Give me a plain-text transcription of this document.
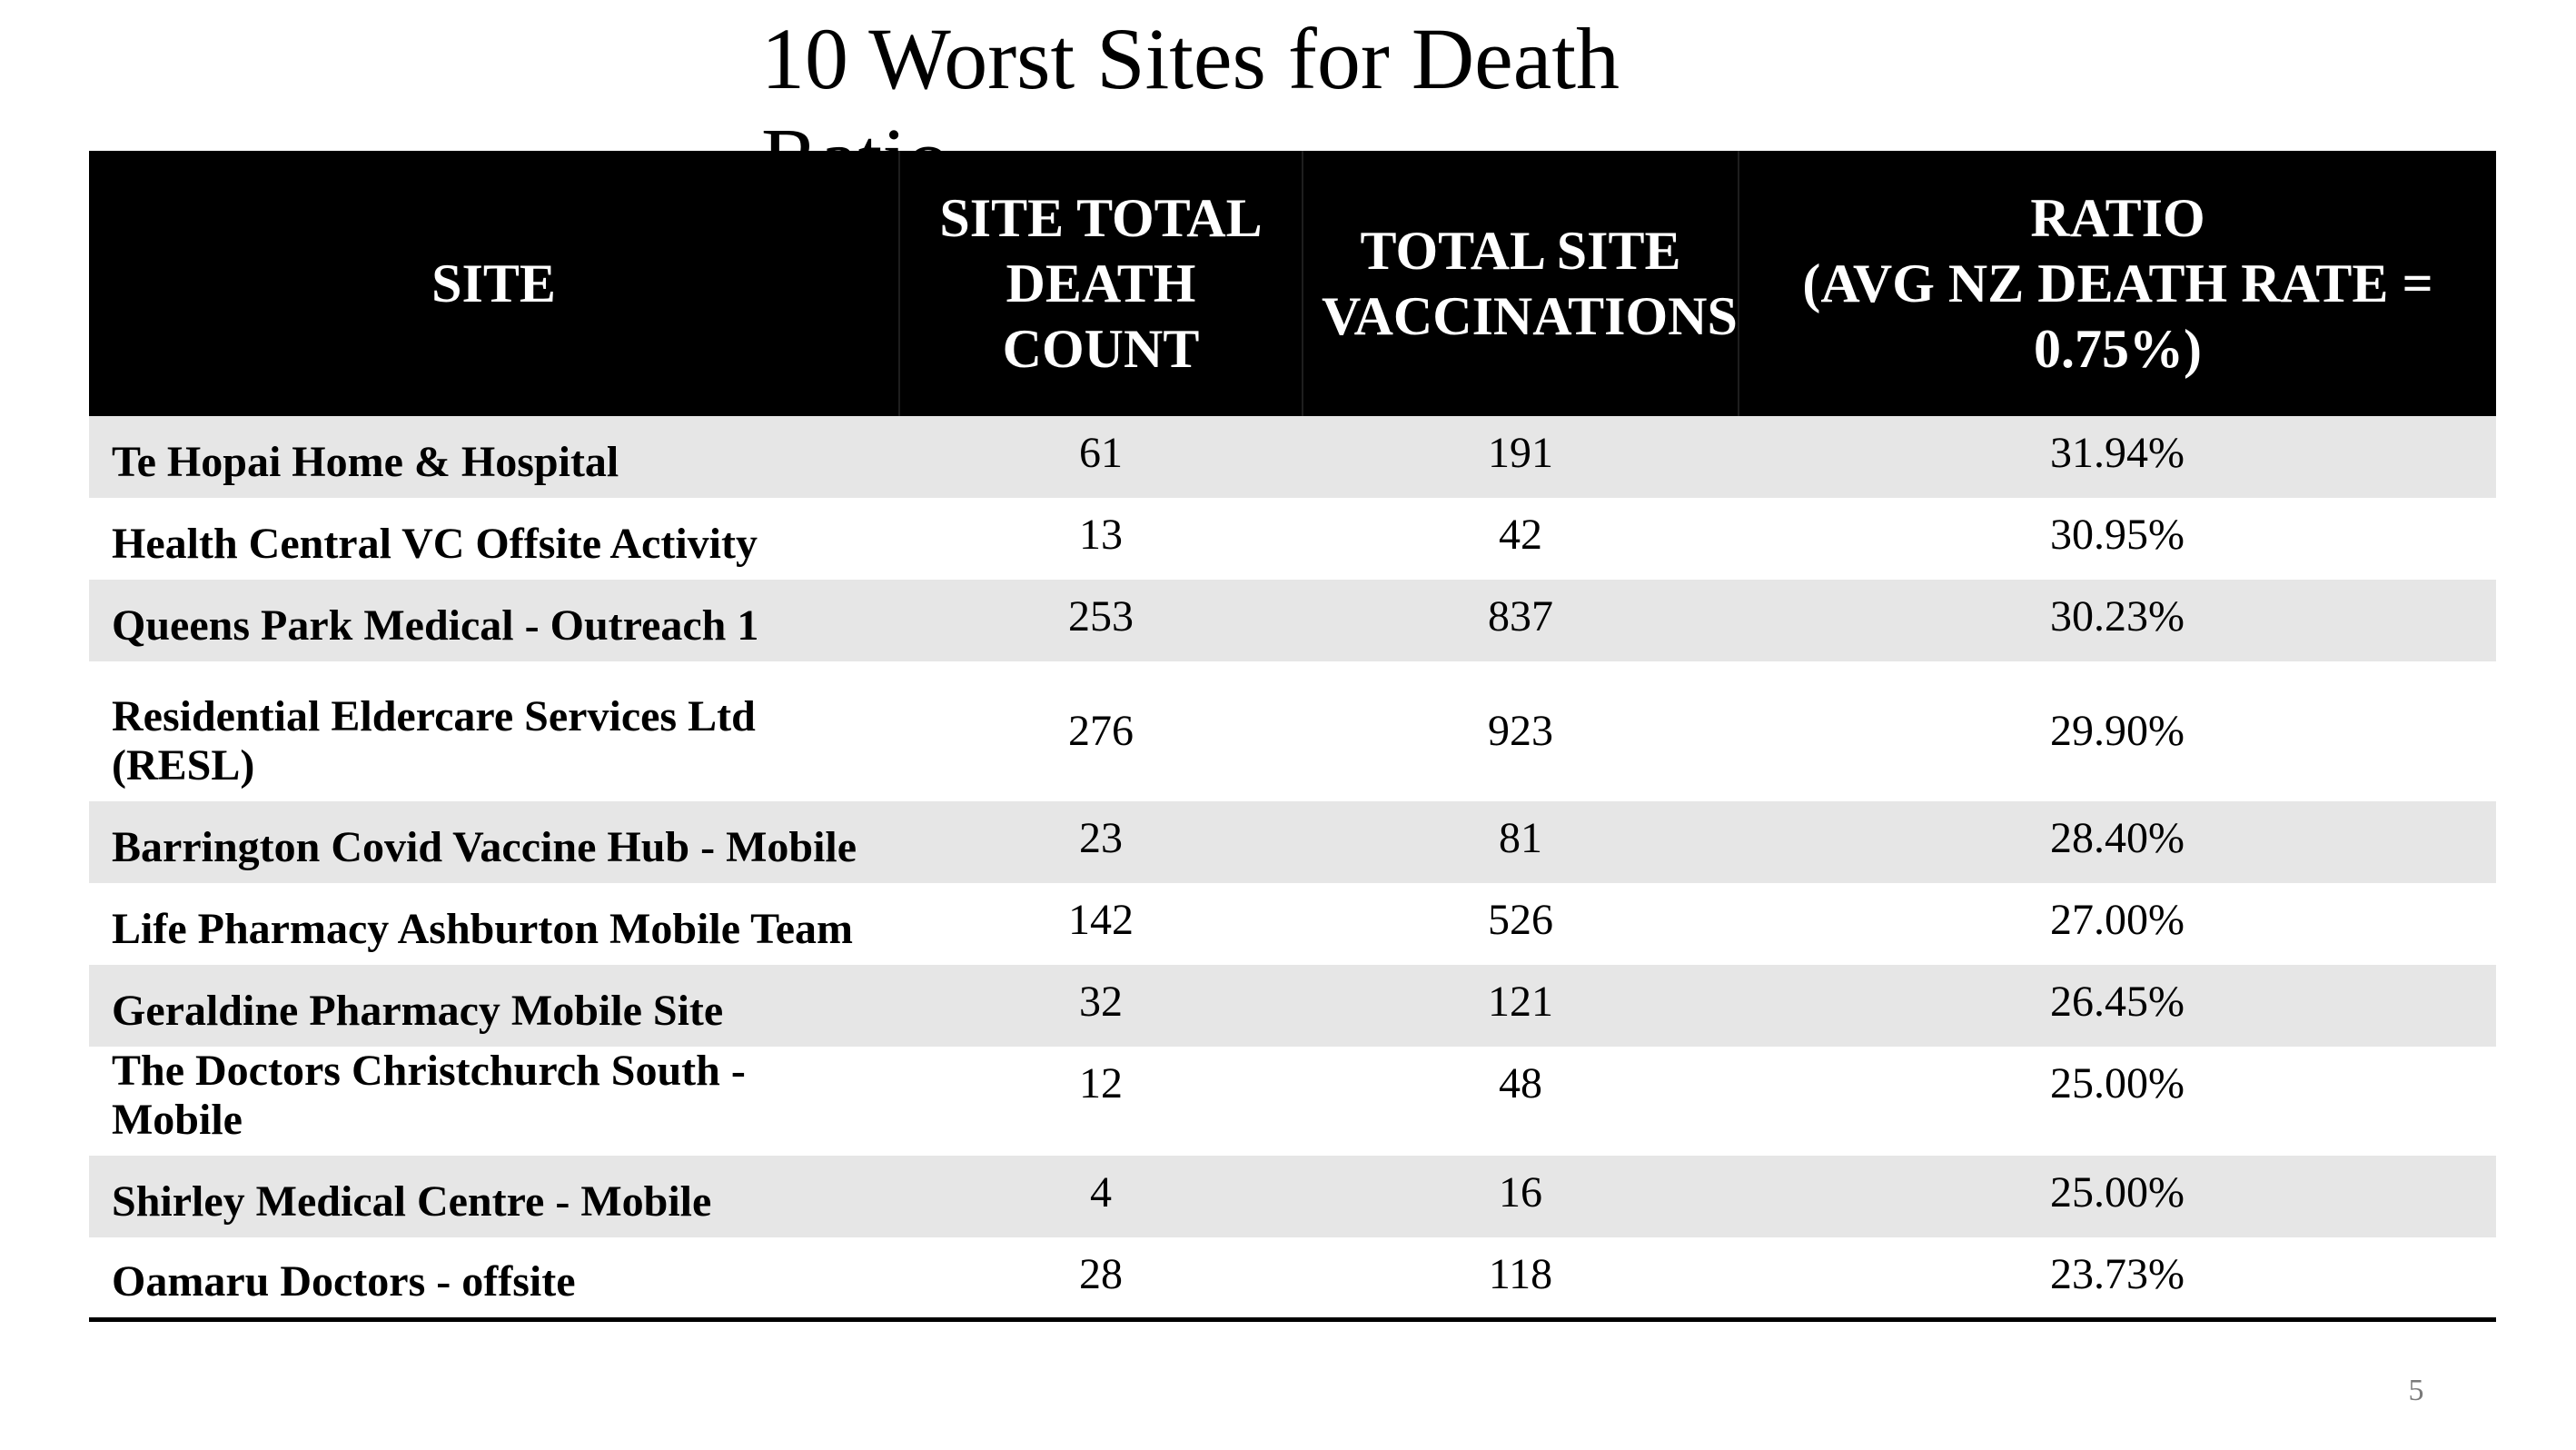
10 Worst Sites for Death Ratio
SITE	SITE TOTAL DEATH COUNT	TOTAL SITE VACCINATIONS	RATIO
(AVG NZ DEATH RATE = 0.75%)

Te Hopai Home & Hospital	61	191	31.94%
Health Central VC Offsite Activity	13	42	30.95%
Queens Park Medical - Outreach 1	253	837	30.23%
Residential Eldercare Services Ltd (RESL)	276	923	29.90%
Barrington Covid Vaccine Hub - Mobile	23	81	28.40%
Life Pharmacy Ashburton Mobile Team	142	526	27.00%
Geraldine Pharmacy Mobile Site	32	121	26.45%
The Doctors Christchurch South - Mobile	12	48	25.00%
Shirley Medical Centre - Mobile	4	16	25.00%
Oamaru Doctors - offsite	28	118	23.73%
5
